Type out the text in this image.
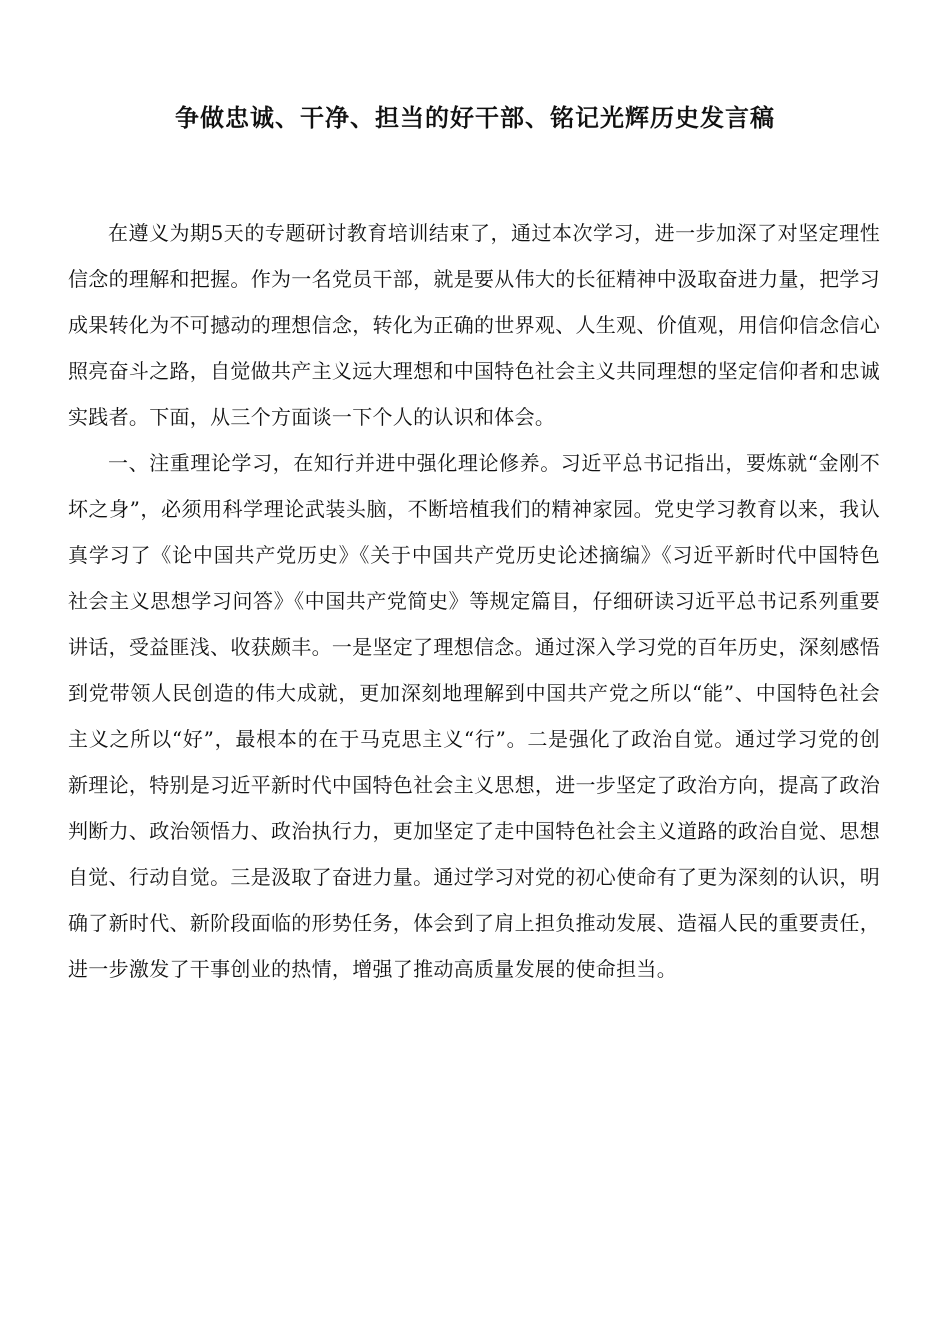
争做忠诚、干净、担当的好干部、铭记光辉历史发言稿

在遵义为期5天的专题研讨教育培训结束了，通过本次学习，进一步加深了对坚定理性信念的理解和把握。作为一名党员干部，就是要从伟大的长征精神中汲取奋进力量，把学习成果转化为不可撼动的理想信念，转化为正确的世界观、人生观、价值观，用信仰信念信心照亮奋斗之路，自觉做共产主义远大理想和中国特色社会主义共同理想的坚定信仰者和忠诚实践者。下面，从三个方面谈一下个人的认识和体会。

一、注重理论学习，在知行并进中强化理论修养。习近平总书记指出，要炼就“金刚不坏之身”，必须用科学理论武装头脑，不断培植我们的精神家园。党史学习教育以来，我认真学习了《论中国共产党历史》《关于中国共产党历史论述摘编》《习近平新时代中国特色社会主义思想学习问答》《中国共产党简史》等规定篇目，仔细研读习近平总书记系列重要讲话，受益匪浅、收获颇丰。一是坚定了理想信念。通过深入学习党的百年历史，深刻感悟到党带领人民创造的伟大成就，更加深刻地理解到中国共产党之所以“能”、中国特色社会主义之所以“好”，最根本的在于马克思主义“行”。二是强化了政治自觉。通过学习党的创新理论，特别是习近平新时代中国特色社会主义思想，进一步坚定了政治方向，提高了政治判断力、政治领悟力、政治执行力，更加坚定了走中国特色社会主义道路的政治自觉、思想自觉、行动自觉。三是汲取了奋进力量。通过学习对党的初心使命有了更为深刻的认识，明确了新时代、新阶段面临的形势任务，体会到了肩上担负推动发展、造福人民的重要责任，进一步激发了干事创业的热情，增强了推动高质量发展的使命担当。
